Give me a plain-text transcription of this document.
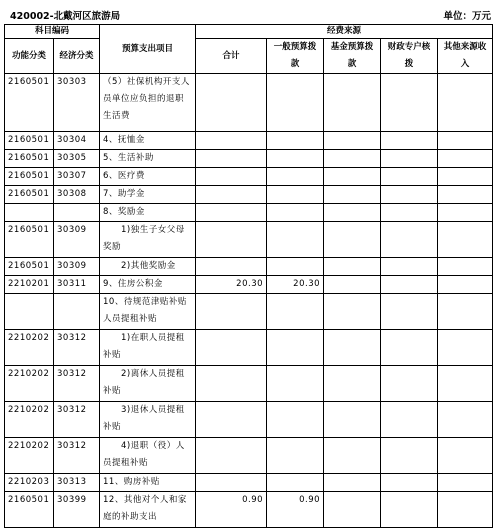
420002-北戴河区旅游局	单位：万元
科目编码		预算支出项目	经费来源				
功能分类	经济分类		合计	一般预算拨款	基金预算拨款	财政专户核拨	其他来源收入
2160501	30303	（5）社保机构开支人员单位应负担的退职生活费					
2160501	30304	4、抚恤金					
2160501	30305	5、生活补助					
2160501	30307	6、医疗费					
2160501	30308	7、助学金					
		8、奖励金					
2160501	30309	　　1)独生子女父母奖励					
2160501	30309	　　2)其他奖励金					
2210201	30311	9、住房公积金	20.30	20.30			
		10、待规范津贴补贴人员提租补贴					
2210202	30312	　　1)在职人员提租补贴					
2210202	30312	　　2)离休人员提租补贴					
2210202	30312	　　3)退休人员提租补贴					
2210202	30312	　　4)退职（役）人员提租补贴					
2210203	30313	11、购房补贴					
2160501	30399	12、其他对个人和家庭的补助支出	0.90	0.90			
